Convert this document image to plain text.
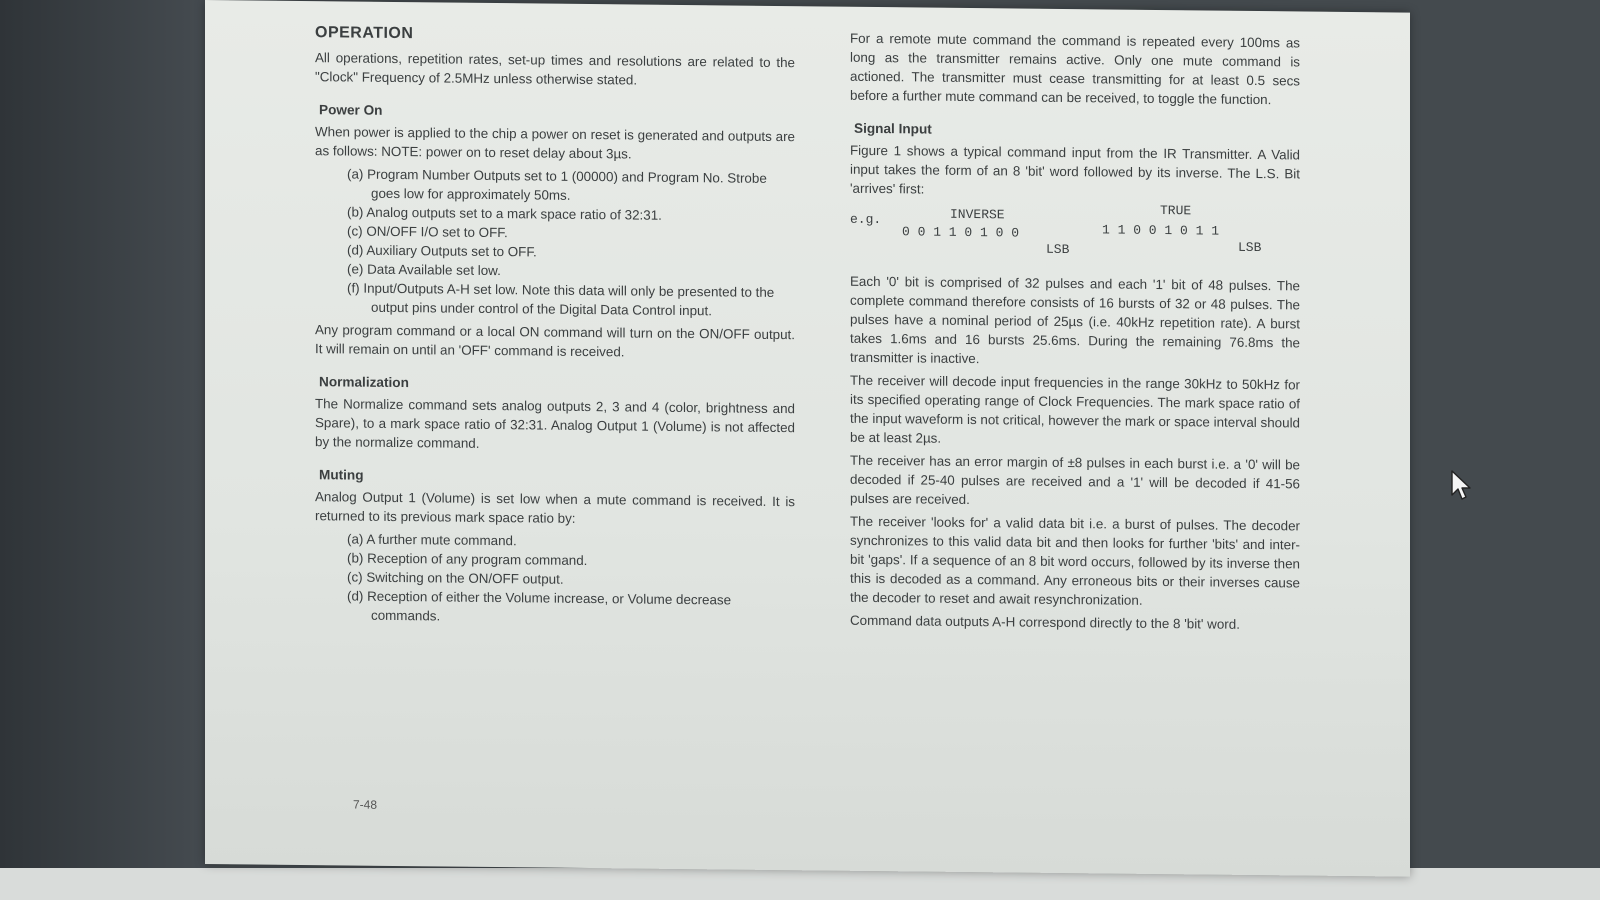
OPERATION

All operations, repetition rates, set-up times and resolutions are related to the "Clock" Frequency of 2.5MHz unless otherwise stated.

Power On

When power is applied to the chip a power on reset is generated and outputs are as follows: NOTE: power on to reset delay about 3µs.

(a) Program Number Outputs set to 1 (00000) and Program No. Strobe goes low for approximately 50ms.
(b) Analog outputs set to a mark space ratio of 32:31.
(c) ON/OFF I/O set to OFF.
(d) Auxiliary Outputs set to OFF.
(e) Data Available set low.
(f) Input/Outputs A-H set low. Note this data will only be presented to the output pins under control of the Digital Data Control input.

Any program command or a local ON command will turn on the ON/OFF output. It will remain on until an 'OFF' command is received.

Normalization

The Normalize command sets analog outputs 2, 3 and 4 (color, brightness and Spare), to a mark space ratio of 32:31. Analog Output 1 (Volume) is not affected by the normalize command.

Muting

Analog Output 1 (Volume) is set low when a mute command is received. It is returned to its previous mark space ratio by:

(a) A further mute command.
(b) Reception of any program command.
(c) Switching on the ON/OFF output.
(d) Reception of either the Volume increase, or Volume decrease commands.

For a remote mute command the command is repeated every 100ms as long as the transmitter remains active. Only one mute command is actioned. The transmitter must cease transmitting for at least 0.5 secs before a further mute command can be received, to toggle the function.

Signal Input

Figure 1 shows a typical command input from the IR Transmitter. A Valid input takes the form of an 8 'bit' word followed by its inverse. The L.S. Bit 'arrives' first:

e.g.	INVERSE	TRUE
0 0 1 1 0 1 0 0	1 1 0 0 1 0 1 1
LSB	LSB

Each '0' bit is comprised of 32 pulses and each '1' bit of 48 pulses. The complete command therefore consists of 16 bursts of 32 or 48 pulses. The pulses have a nominal period of 25µs (i.e. 40kHz repetition rate). A burst takes 1.6ms and 16 bursts 25.6ms. During the remaining 76.8ms the transmitter is inactive.

The receiver will decode input frequencies in the range 30kHz to 50kHz for its specified operating range of Clock Frequencies. The mark space ratio of the input waveform is not critical, however the mark or space interval should be at least 2µs.

The receiver has an error margin of ±8 pulses in each burst i.e. a '0' will be decoded if 25-40 pulses are received and a '1' will be decoded if 41-56 pulses are received.

The receiver 'looks for' a valid data bit i.e. a burst of pulses. The decoder synchronizes to this valid data bit and then looks for further 'bits' and inter-bit 'gaps'. If a sequence of an 8 bit word occurs, followed by its inverse then this is decoded as a command. Any erroneous bits or their inverses cause the decoder to reset and await resynchronization.

Command data outputs A-H correspond directly to the 8 'bit' word.

7-48
